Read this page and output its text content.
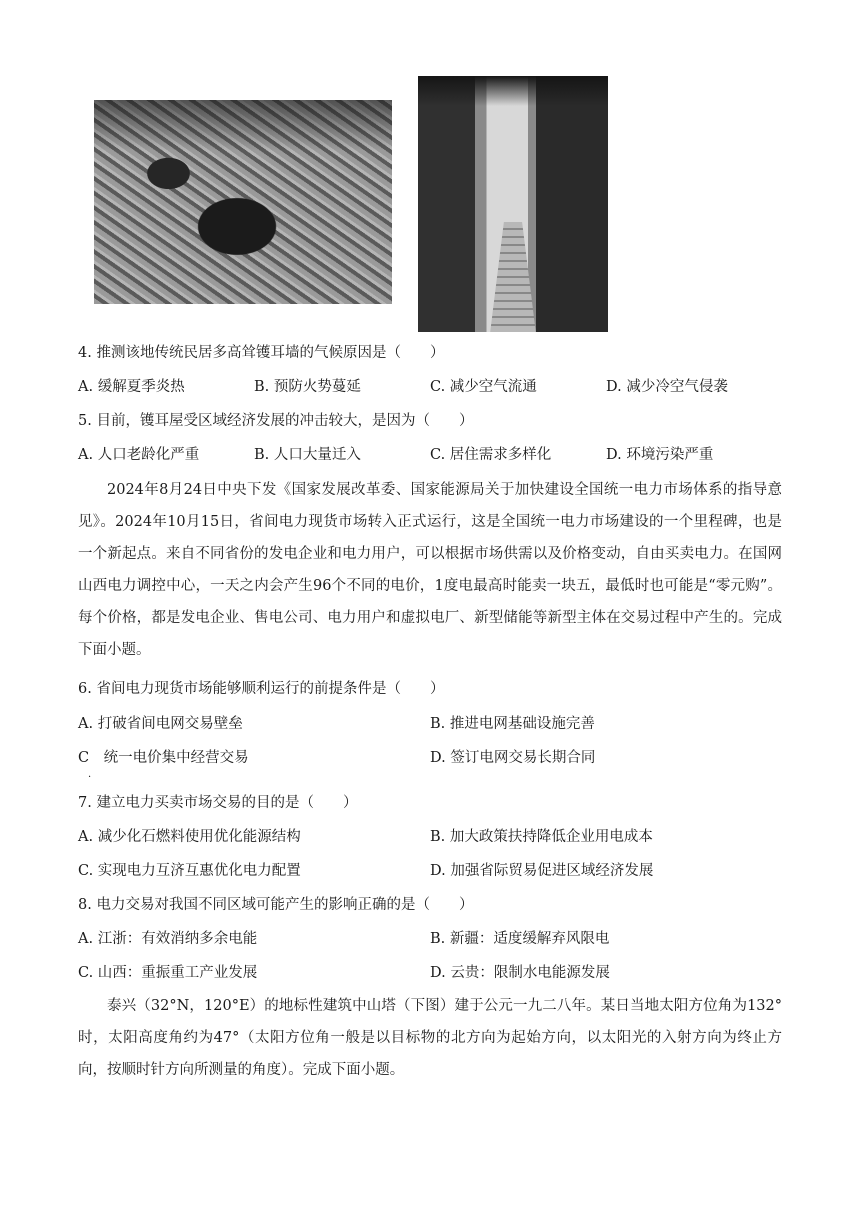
4. 推测该地传统民居多高耸镬耳墙的气候原因是（　　）
A. 缓解夏季炎热	B. 预防火势蔓延	C. 减少空气流通	D. 减少冷空气侵袭
5. 目前，镬耳屋受区域经济发展的冲击较大，是因为（　　）
A. 人口老龄化严重	B. 人口大量迁入	C. 居住需求多样化	D. 环境污染严重

2024年8月24日中央下发《国家发展改革委、国家能源局关于加快建设全国统一电力市场体系的指导意见》。2024年10月15日，省间电力现货市场转入正式运行，这是全国统一电力市场建设的一个里程碑，也是一个新起点。来自不同省份的发电企业和电力用户，可以根据市场供需以及价格变动，自由买卖电力。在国网山西电力调控中心，一天之内会产生96个不同的电价，1度电最高时能卖一块五，最低时也可能是“零元购”。每个价格，都是发电企业、售电公司、电力用户和虚拟电厂、新型储能等新型主体在交易过程中产生的。完成下面小题。

6. 省间电力现货市场能够顺利运行的前提条件是（　　）
A. 打破省间电网交易壁垒	B. 推进电网基础设施完善
C　统一电价集中经营交易	D. 签订电网交易长期合同
·
7. 建立电力买卖市场交易的目的是（　　）
A. 减少化石燃料使用优化能源结构	B. 加大政策扶持降低企业用电成本
C. 实现电力互济互惠优化电力配置	D. 加强省际贸易促进区域经济发展
8. 电力交易对我国不同区域可能产生的影响正确的是（　　）
A. 江浙：有效消纳多余电能	B. 新疆：适度缓解弃风限电
C. 山西：重振重工产业发展	D. 云贵：限制水电能源发展

泰兴（32°N，120°E）的地标性建筑中山塔（下图）建于公元一九二八年。某日当地太阳方位角为132°时，太阳高度角约为47°（太阳方位角一般是以目标物的北方向为起始方向，以太阳光的入射方向为终止方向，按顺时针方向所测量的角度）。完成下面小题。
